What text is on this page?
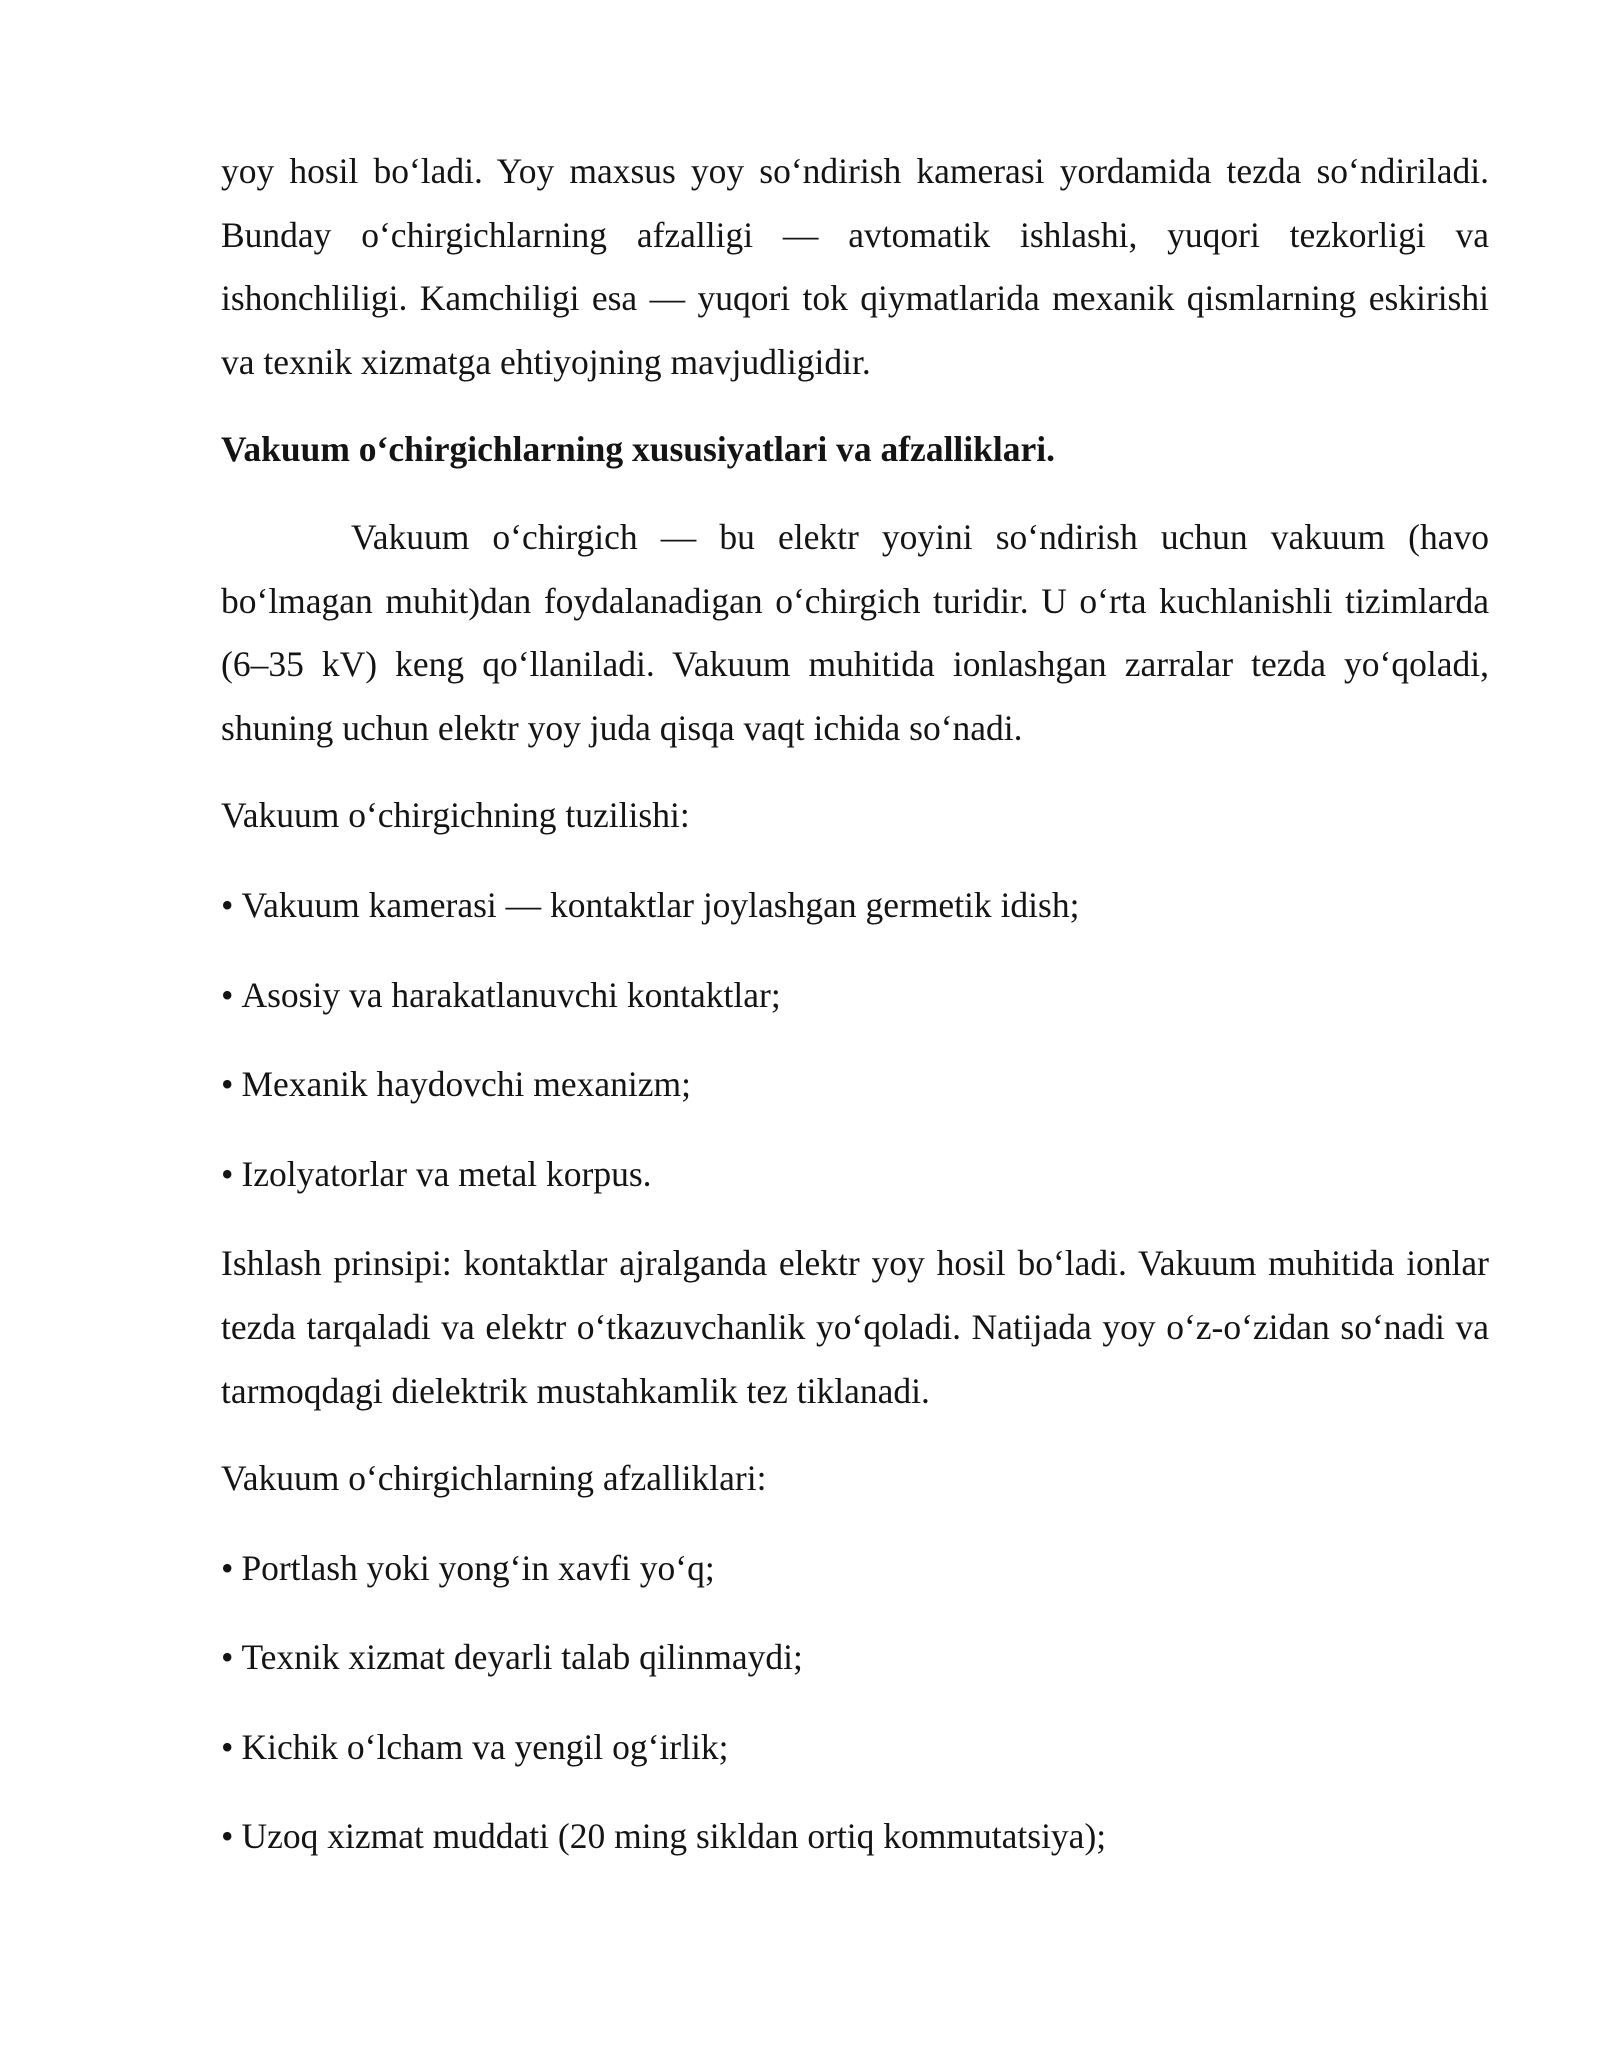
yoy hosil bo‘ladi. Yoy maxsus yoy so‘ndirish kamerasi yordamida tezda so‘ndiriladi. Bunday o‘chirgichlarning afzalligi — avtomatik ishlashi, yuqori tezkorligi va ishonchliligi. Kamchiligi esa — yuqori tok qiymatlarida mexanik qismlarning eskirishi va texnik xizmatga ehtiyojning mavjudligidir.

Vakuum o‘chirgichlarning xususiyatlari va afzalliklari.

Vakuum o‘chirgich — bu elektr yoyini so‘ndirish uchun vakuum (havo bo‘lmagan muhit)dan foydalanadigan o‘chirgich turidir. U o‘rta kuchlanishli tizimlarda (6–35 kV) keng qo‘llaniladi. Vakuum muhitida ionlashgan zarralar tezda yo‘qoladi, shuning uchun elektr yoy juda qisqa vaqt ichida so‘nadi.

Vakuum o‘chirgichning tuzilishi:

• Vakuum kamerasi — kontaktlar joylashgan germetik idish;
• Asosiy va harakatlanuvchi kontaktlar;
• Mexanik haydovchi mexanizm;
• Izolyatorlar va metal korpus.

Ishlash prinsipi: kontaktlar ajralganda elektr yoy hosil bo‘ladi. Vakuum muhitida ionlar tezda tarqaladi va elektr o‘tkazuvchanlik yo‘qoladi. Natijada yoy o‘z-o‘zidan so‘nadi va tarmoqdagi dielektrik mustahkamlik tez tiklanadi.

Vakuum o‘chirgichlarning afzalliklari:

• Portlash yoki yong‘in xavfi yo‘q;
• Texnik xizmat deyarli talab qilinmaydi;
• Kichik o‘lcham va yengil og‘irlik;
• Uzoq xizmat muddati (20 ming sikldan ortiq kommutatsiya);
